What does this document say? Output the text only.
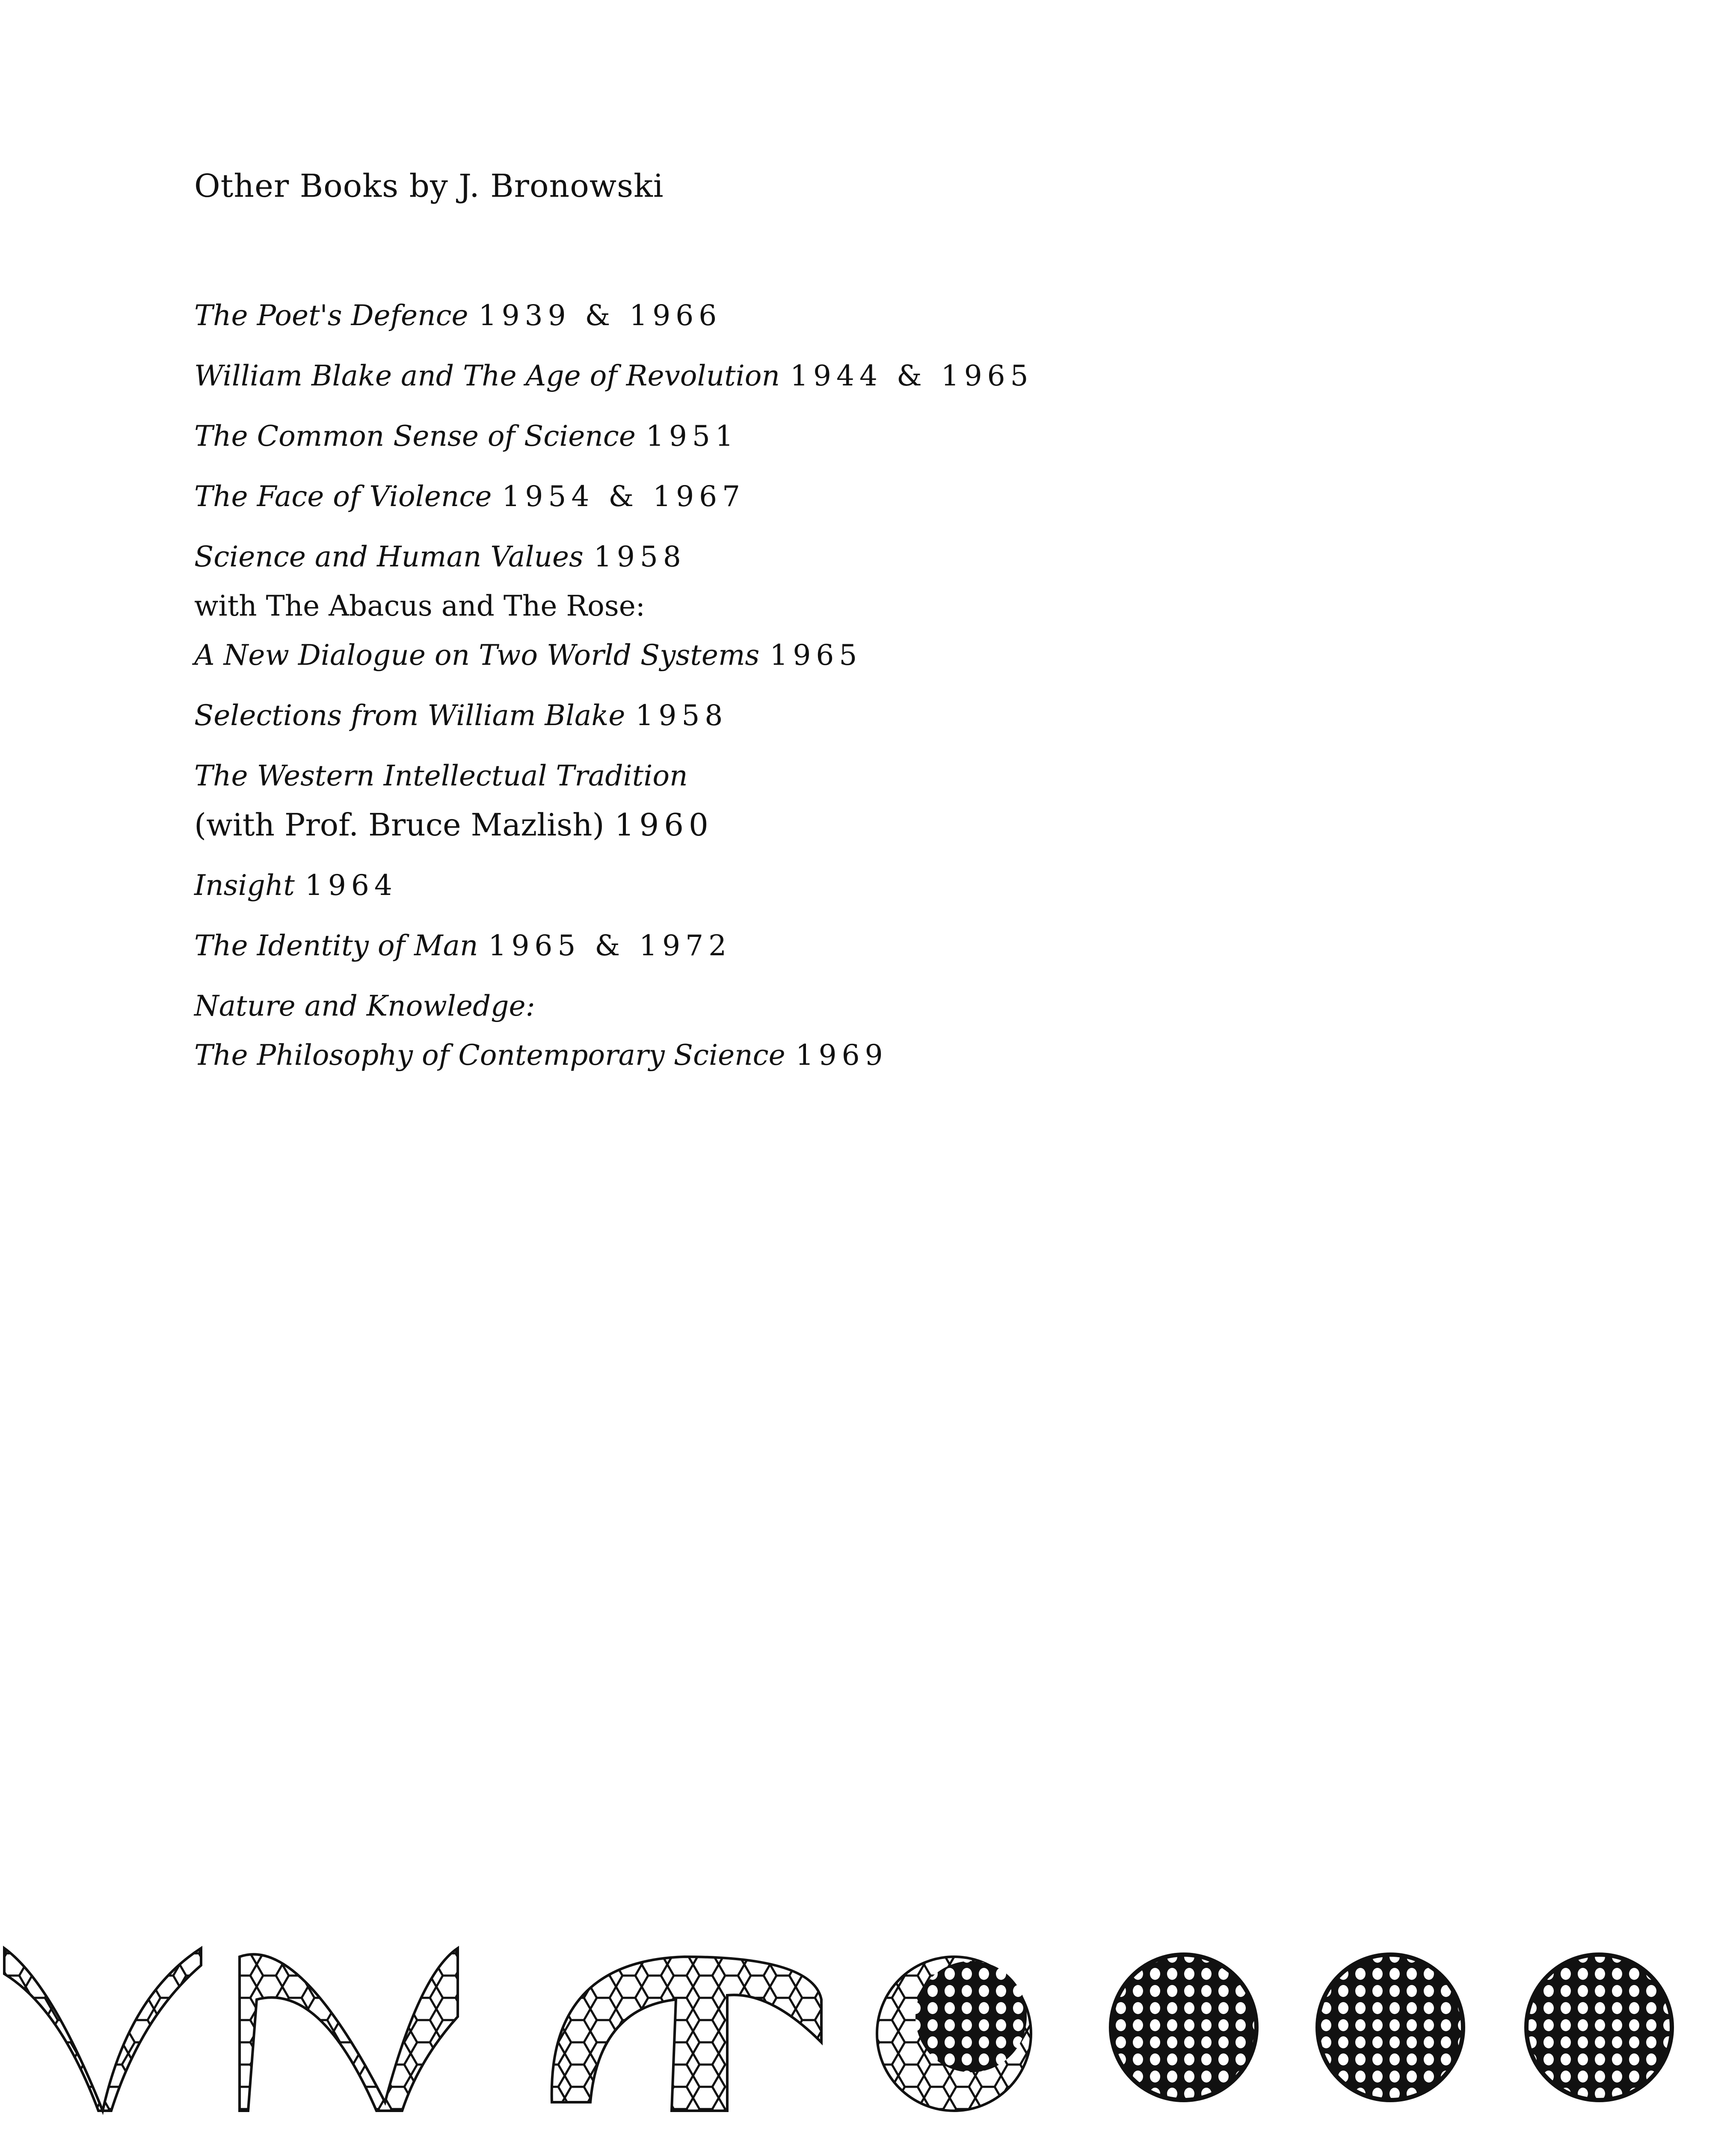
Other Books by J. Bronowski
The Poet's Defence 1939 & 1966
William Blake and The Age of Revolution 1944 & 1965
The Common Sense of Science 1951
The Face of Violence 1954 & 1967
Science and Human Values 1958
with The Abacus and The Rose:
A New Dialogue on Two World Systems 1965
Selections from William Blake 1958
The Western Intellectual Tradition
(with Prof. Bruce Mazlish) 1960
Insight 1964
The Identity of Man 1965 & 1972
Nature and Knowledge:
The Philosophy of Contemporary Science 1969
